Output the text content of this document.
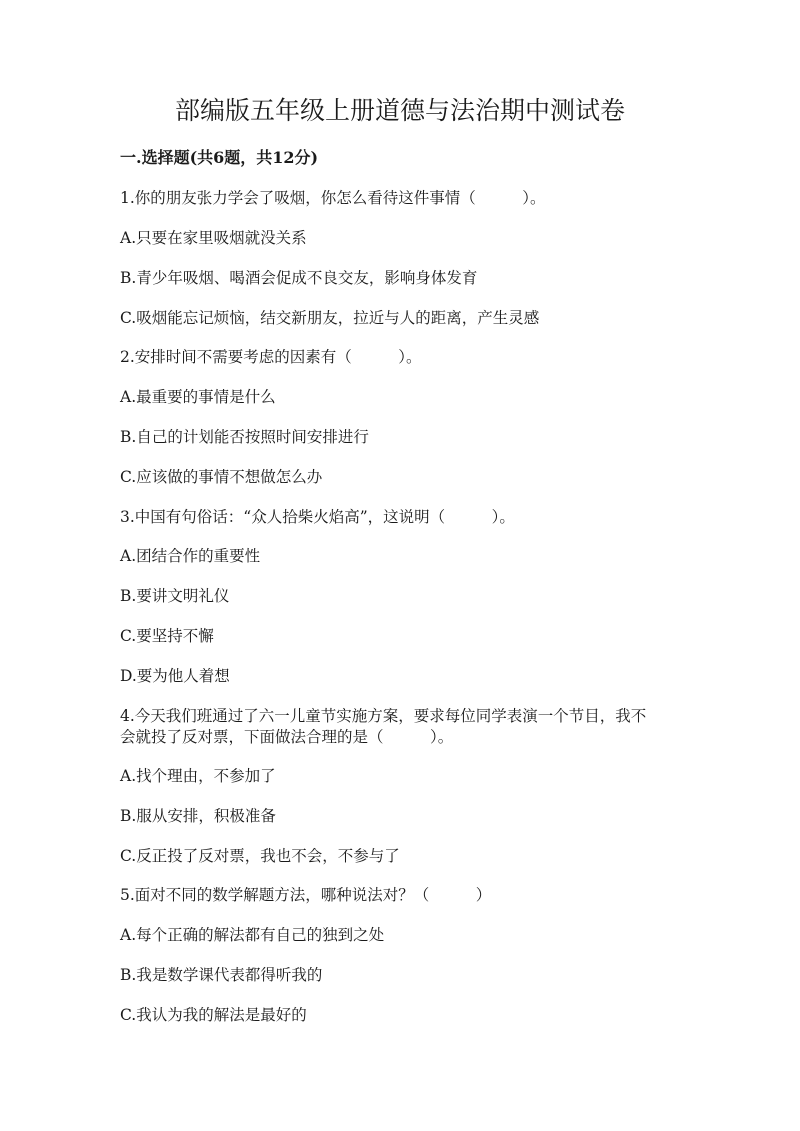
部编版五年级上册道德与法治期中测试卷
一.选择题(共6题，共12分)

1.你的朋友张力学会了吸烟，你怎么看待这件事情（　　　）。

A.只要在家里吸烟就没关系

B.青少年吸烟、喝酒会促成不良交友，影响身体发育

C.吸烟能忘记烦恼，结交新朋友，拉近与人的距离，产生灵感

2.安排时间不需要考虑的因素有（　　　）。

A.最重要的事情是什么

B.自己的计划能否按照时间安排进行

C.应该做的事情不想做怎么办

3.中国有句俗话：“众人拾柴火焰高”，这说明（　　　）。

A.团结合作的重要性

B.要讲文明礼仪

C.要坚持不懈

D.要为他人着想

4.今天我们班通过了六一儿童节实施方案，要求每位同学表演一个节目，我不

会就投了反对票，下面做法合理的是（　　　）。

A.找个理由，不参加了

B.服从安排，积极准备

C.反正投了反对票，我也不会，不参与了

5.面对不同的数学解题方法，哪种说法对？（　　　）

A.每个正确的解法都有自己的独到之处

B.我是数学课代表都得听我的

C.我认为我的解法是最好的
